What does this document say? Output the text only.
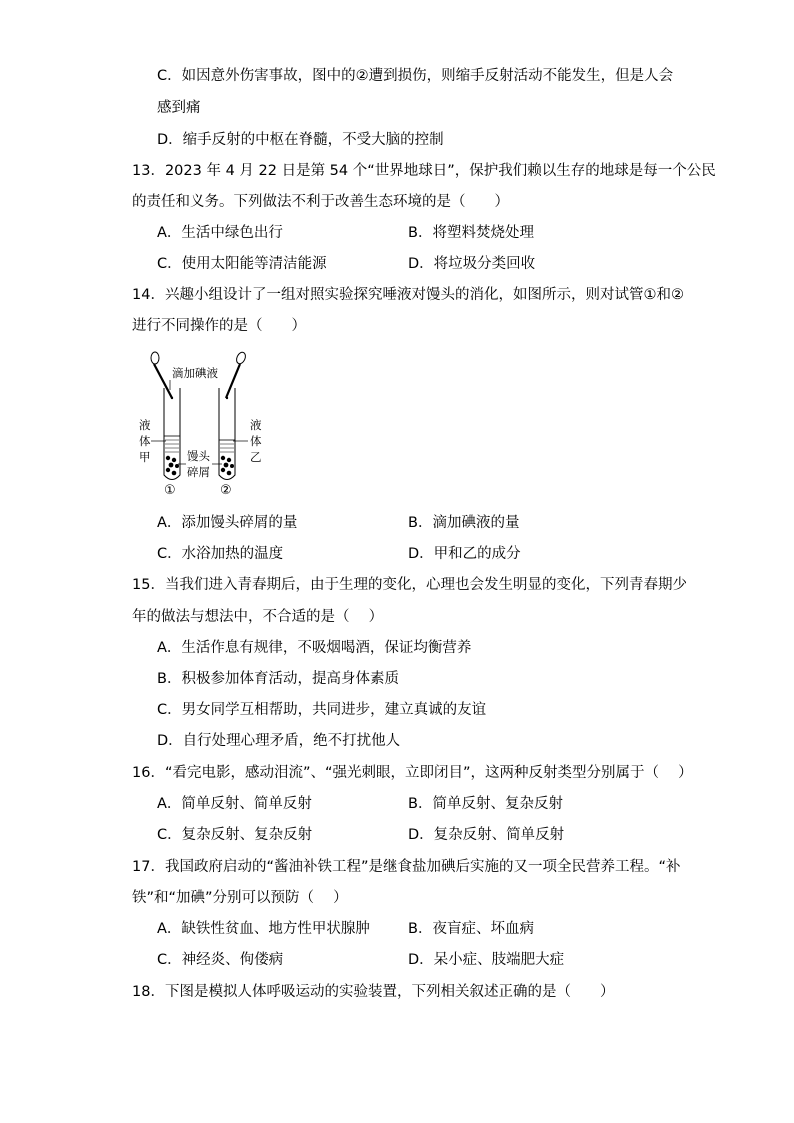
C．如因意外伤害事故，图中的②遭到损伤，则缩手反射活动不能发生，但是人会
感到痛
D．缩手反射的中枢在脊髓，不受大脑的控制
13．2023 年 4 月 22 日是第 54 个“世界地球日”，保护我们赖以生存的地球是每一个公民
的责任和义务。下列做法不利于改善生态环境的是（　　）
A．生活中绿色出行	B．将塑料焚烧处理
C．使用太阳能等清洁能源	D．将垃圾分类回收
14．兴趣小组设计了一组对照实验探究唾液对馒头的消化，如图所示，则对试管①和②
进行不同操作的是（　　）
滴加碘液
液
体
甲
液
体
乙
馒头
碎屑
①	②
A．添加馒头碎屑的量	B．滴加碘液的量
C．水浴加热的温度	D．甲和乙的成分
15．当我们进入青春期后，由于生理的变化，心理也会发生明显的变化，下列青春期少
年的做法与想法中，不合适的是（　 ）
A．生活作息有规律，不吸烟喝酒，保证均衡营养
B．积极参加体育活动，提高身体素质
C．男女同学互相帮助，共同进步，建立真诚的友谊
D．自行处理心理矛盾，绝不打扰他人
16．“看完电影，感动泪流”、“强光刺眼，立即闭目”，这两种反射类型分别属于（　 ）
A．简单反射、简单反射	B．简单反射、复杂反射
C．复杂反射、复杂反射	D．复杂反射、简单反射
17．我国政府启动的“酱油补铁工程”是继食盐加碘后实施的又一项全民营养工程。“补
铁”和“加碘”分别可以预防（　 ）
A．缺铁性贫血、地方性甲状腺肿	B．夜盲症、坏血病
C．神经炎、佝偻病	D．呆小症、肢端肥大症
18．下图是模拟人体呼吸运动的实验装置，下列相关叙述正确的是（　　）
